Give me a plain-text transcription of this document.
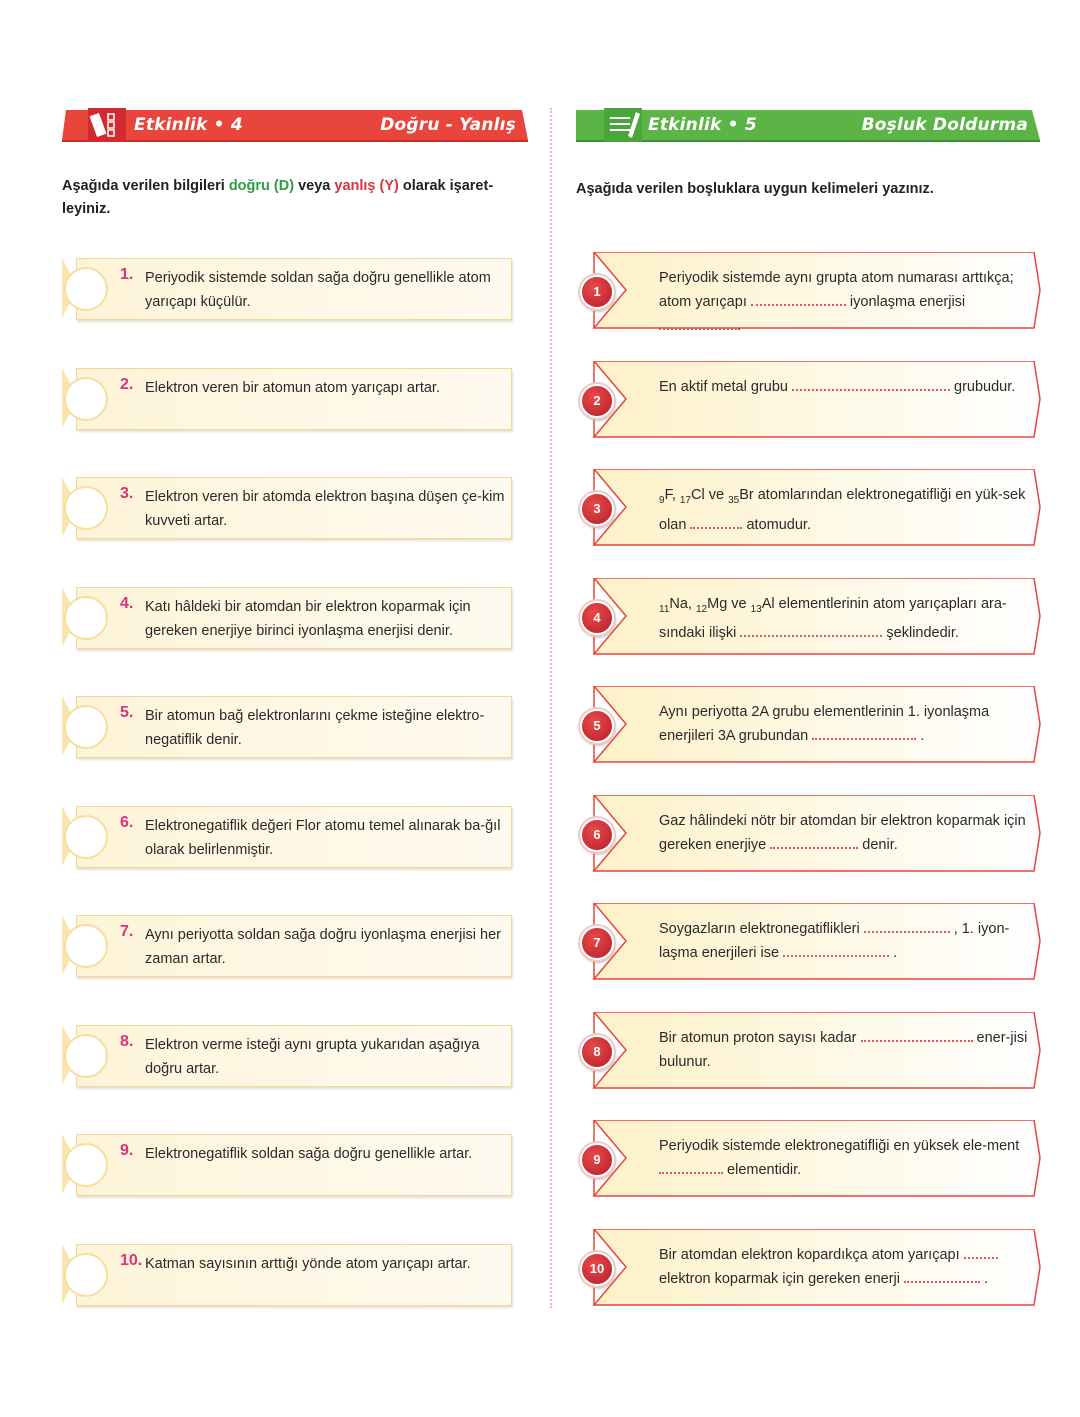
Etkinlik • 4	Doğru - Yanlış	Etkinlik • 5	Boşluk Doldurma
Aşağıda verilen bilgileri doğru (D) veya yanlış (Y) olarak işaret-leyiniz.
Aşağıda verilen boşluklara uygun kelimeleri yazınız.
1. Periyodik sistemde soldan sağa doğru genellikle atom yarıçapı küçülür.
2. Elektron veren bir atomun atom yarıçapı artar.
3. Elektron veren bir atomda elektron başına düşen çe-kim kuvveti artar.
4. Katı hâldeki bir atomdan bir elektron koparmak için gereken enerjiye birinci iyonlaşma enerjisi denir.
5. Bir atomun bağ elektronlarını çekme isteğine elektro-negatiflik denir.
6. Elektronegatiflik değeri Flor atomu temel alınarak ba-ğıl olarak belirlenmiştir.
7. Aynı periyotta soldan sağa doğru iyonlaşma enerjisi her zaman artar.
8. Elektron verme isteği aynı grupta yukarıdan aşağıya doğru artar.
9. Elektronegatiflik soldan sağa doğru genellikle artar.
10. Katman sayısının arttığı yönde atom yarıçapı artar.
1
Periyodik sistemde aynı grupta atom numarası arttıkça; atom yarıçapı	iyonlaşma enerjisi .
2
En aktif metal grubu	grubudur.
3
$_9$F, $_{17}$Cl ve $_{35}$Br atomlarından elektronegatifliği en yük-sek olan	atomudur.
4
$_{11}$Na, $_{12}$Mg ve $_{13}$Al elementlerinin atom yarıçapları ara-sındaki ilişki	şeklindedir.
5
Aynı periyotta 2A grubu elementlerinin 1. iyonlaşma enerjileri 3A grubundan	.
6
Gaz hâlindeki nötr bir atomdan bir elektron koparmak için gereken enerjiye	denir.
7
Soygazların elektronegatiflikleri	, 1. iyon-laşma enerjileri ise	.
8
Bir atomun proton sayısı kadar	ener-jisi bulunur.
9
Periyodik sistemde elektronegatifliği en yüksek ele-ment  elementidir.
10
Bir atomdan elektron kopardıkça atom yarıçapı  elektron koparmak için gereken enerji	.
